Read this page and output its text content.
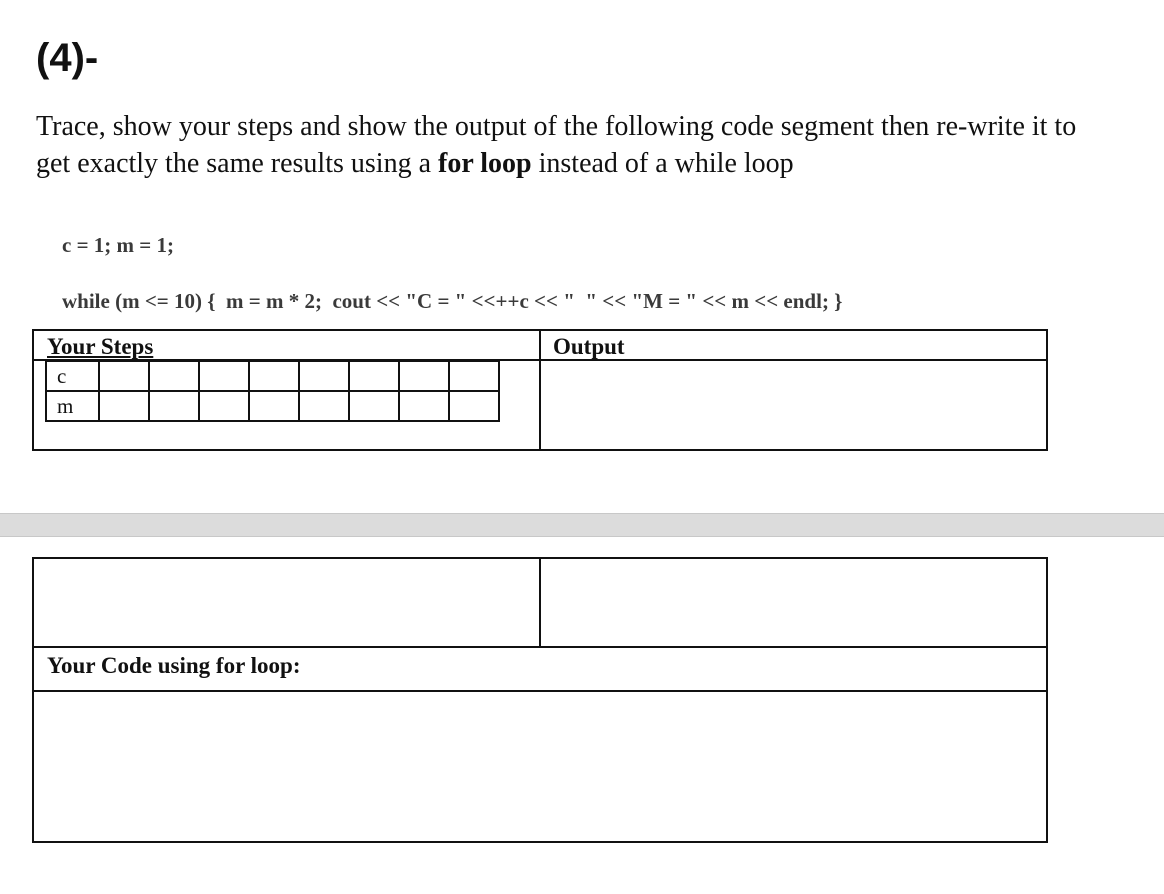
(4)-
Trace, show your steps and show the output of the following code segment then re-write it to get exactly the same results using a for loop instead of a while loop

c = 1; m = 1;

while (m <= 10) {  m = m * 2;  cout << "C = " <<++c << "  " << "M = " << m << endl; }

Your Steps	Output
c								
m								
Your Code using for loop:
